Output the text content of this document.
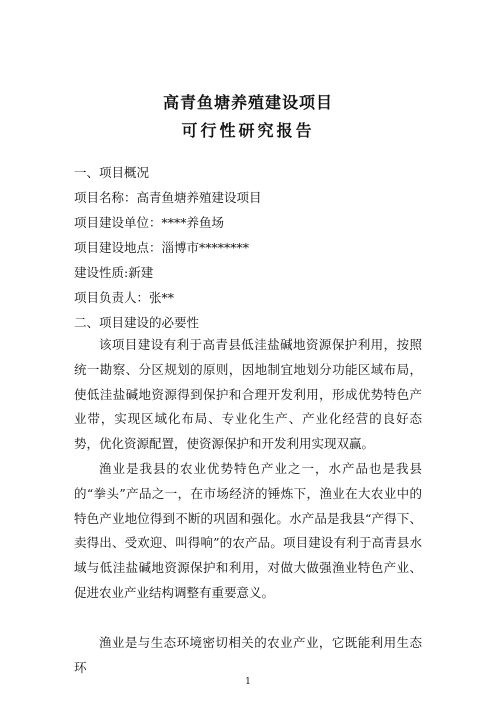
高青鱼塘养殖建设项目
可行性研究报告
一、项目概况
项目名称：高青鱼塘养殖建设项目
项目建设单位：****养鱼场
项目建设地点：淄博市********
建设性质:新建
项目负责人：张**
二、项目建设的必要性
该项目建设有利于高青县低洼盐碱地资源保护利用，按照统一勘察、分区规划的原则，因地制宜地划分功能区域布局，使低洼盐碱地资源得到保护和合理开发利用，形成优势特色产业带，实现区域化布局、专业化生产、产业化经营的良好态势，优化资源配置，使资源保护和开发利用实现双赢。
渔业是我县的农业优势特色产业之一，水产品也是我县的“拳头”产品之一，在市场经济的锤炼下，渔业在大农业中的特色产业地位得到不断的巩固和强化。水产品是我县“产得下、卖得出、受欢迎、叫得响”的农产品。项目建设有利于高青县水域与低洼盐碱地资源保护和利用，对做大做强渔业特色产业、促进农业产业结构调整有重要意义。
渔业是与生态环境密切相关的农业产业，它既能利用生态环
1
